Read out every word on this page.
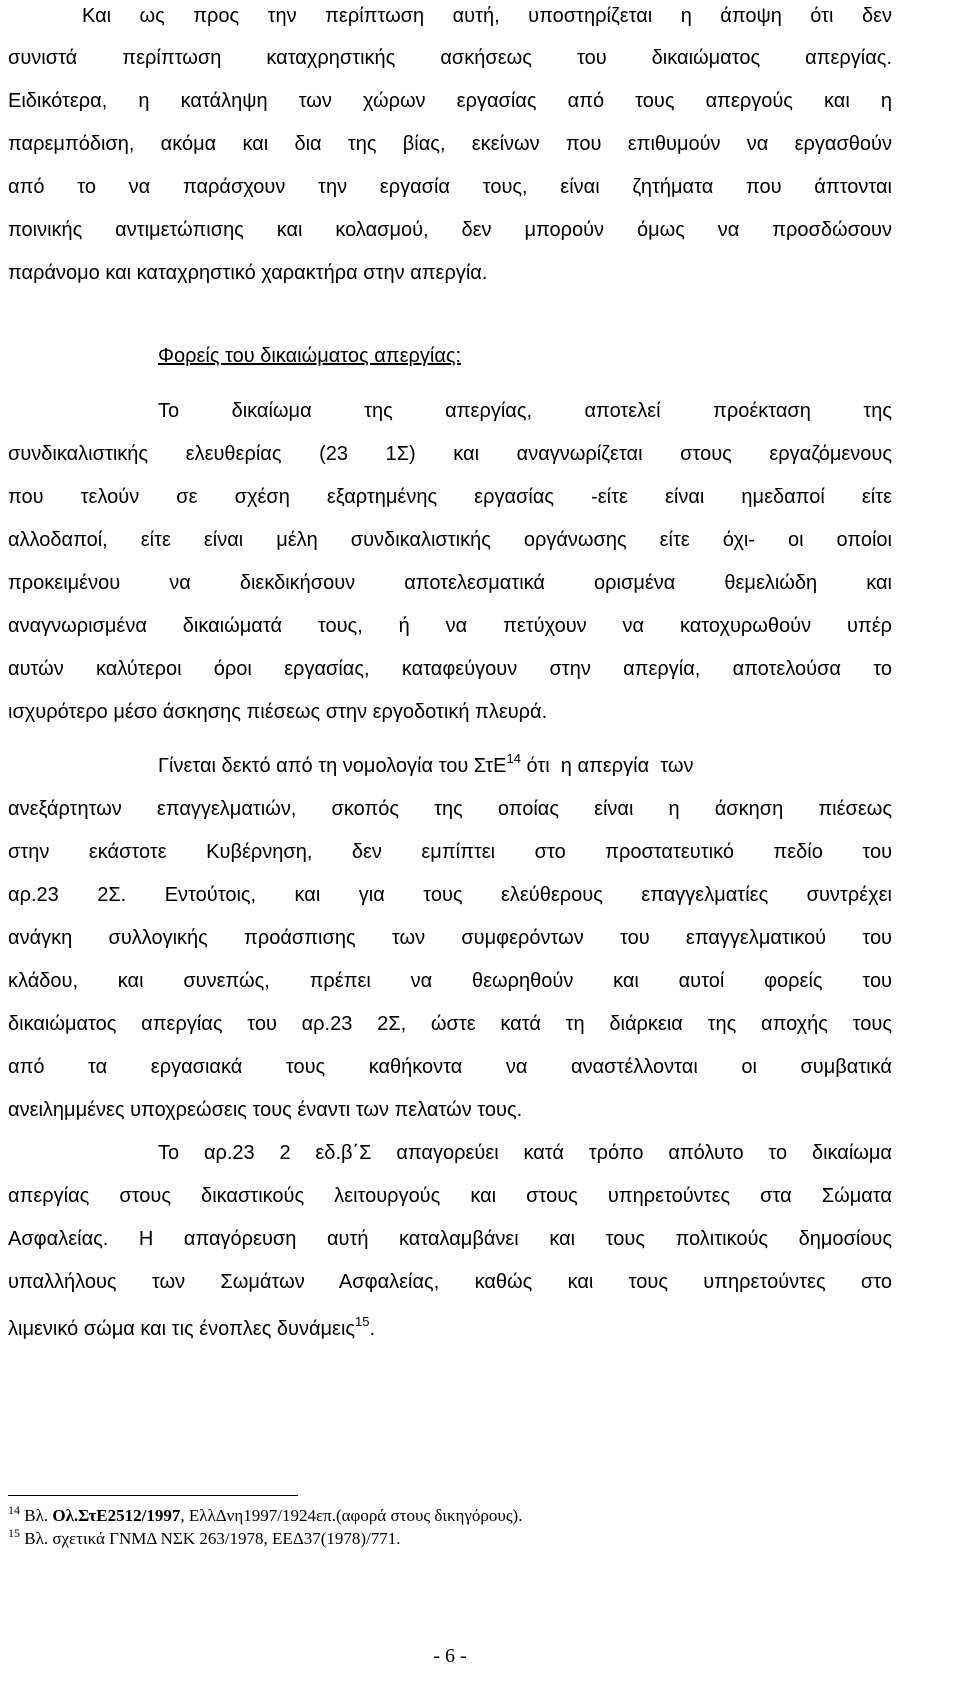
Και ως προς την περίπτωση αυτή, υποστηρίζεται η άποψη ότι δεν
συνιστά περίπτωση καταχρηστικής ασκήσεως του δικαιώματος απεργίας.
Ειδικότερα, η κατάληψη των χώρων εργασίας από τους απεργούς και η
παρεμπόδιση, ακόμα και δια της βίας, εκείνων που επιθυμούν να εργασθούν
από το να παράσχουν την εργασία τους, είναι ζητήματα που άπτονται
ποινικής αντιμετώπισης και κολασμού, δεν μπορούν όμως να προσδώσουν
παράνομο και καταχρηστικό χαρακτήρα στην απεργία.
Φορείς του δικαιώματος απεργίας:
Το δικαίωμα της απεργίας, αποτελεί προέκταση της
συνδικαλιστικής ελευθερίας (23 1Σ) και αναγνωρίζεται στους εργαζόμενους
που τελούν σε σχέση εξαρτημένης εργασίας -είτε είναι ημεδαποί είτε
αλλοδαποί, είτε είναι μέλη συνδικαλιστικής οργάνωσης είτε όχι- οι οποίοι
προκειμένου να διεκδικήσουν αποτελεσματικά ορισμένα θεμελιώδη και
αναγνωρισμένα δικαιώματά τους, ή να πετύχουν να κατοχυρωθούν υπέρ
αυτών καλύτεροι όροι εργασίας, καταφεύγουν στην απεργία, αποτελούσα το
ισχυρότερο μέσο άσκησης πιέσεως στην εργοδοτική πλευρά.
Γίνεται δεκτό από τη νομολογία του ΣτΕ$^{14}$ ότι  η απεργία  των
ανεξάρτητων επαγγελματιών, σκοπός της οποίας είναι η άσκηση πιέσεως
στην εκάστοτε Κυβέρνηση, δεν εμπίπτει στο προστατευτικό πεδίο του
αρ.23 2Σ. Εντούτοις, και για τους ελεύθερους επαγγελματίες συντρέχει
ανάγκη συλλογικής προάσπισης των συμφερόντων του επαγγελματικού του
κλάδου, και συνεπώς, πρέπει να θεωρηθούν και αυτοί φορείς του
δικαιώματος απεργίας του αρ.23 2Σ, ώστε κατά τη διάρκεια της αποχής τους
από τα εργασιακά τους καθήκοντα να αναστέλλονται οι συμβατικά
ανειλημμένες υποχρεώσεις τους έναντι των πελατών τους.
Το αρ.23 2 εδ.β΄Σ απαγορεύει κατά τρόπο απόλυτο το δικαίωμα
απεργίας στους δικαστικούς λειτουργούς και στους υπηρετούντες στα Σώματα
Ασφαλείας. Η απαγόρευση αυτή καταλαμβάνει και τους πολιτικούς δημοσίους
υπαλλήλους των Σωμάτων Ασφαλείας, καθώς και τους υπηρετούντες στο
λιμενικό σώμα και τις ένοπλες δυνάμεις$^{15}$.
$^{14}$ Βλ. Ολ.ΣτΕ2512/1997, ΕλλΔνη1997/1924επ.(αφορά στους δικηγόρους).
$^{15}$ Βλ. σχετικά ΓΝΜΔ ΝΣΚ 263/1978, ΕΕΔ37(1978)/771.
- 6 -
